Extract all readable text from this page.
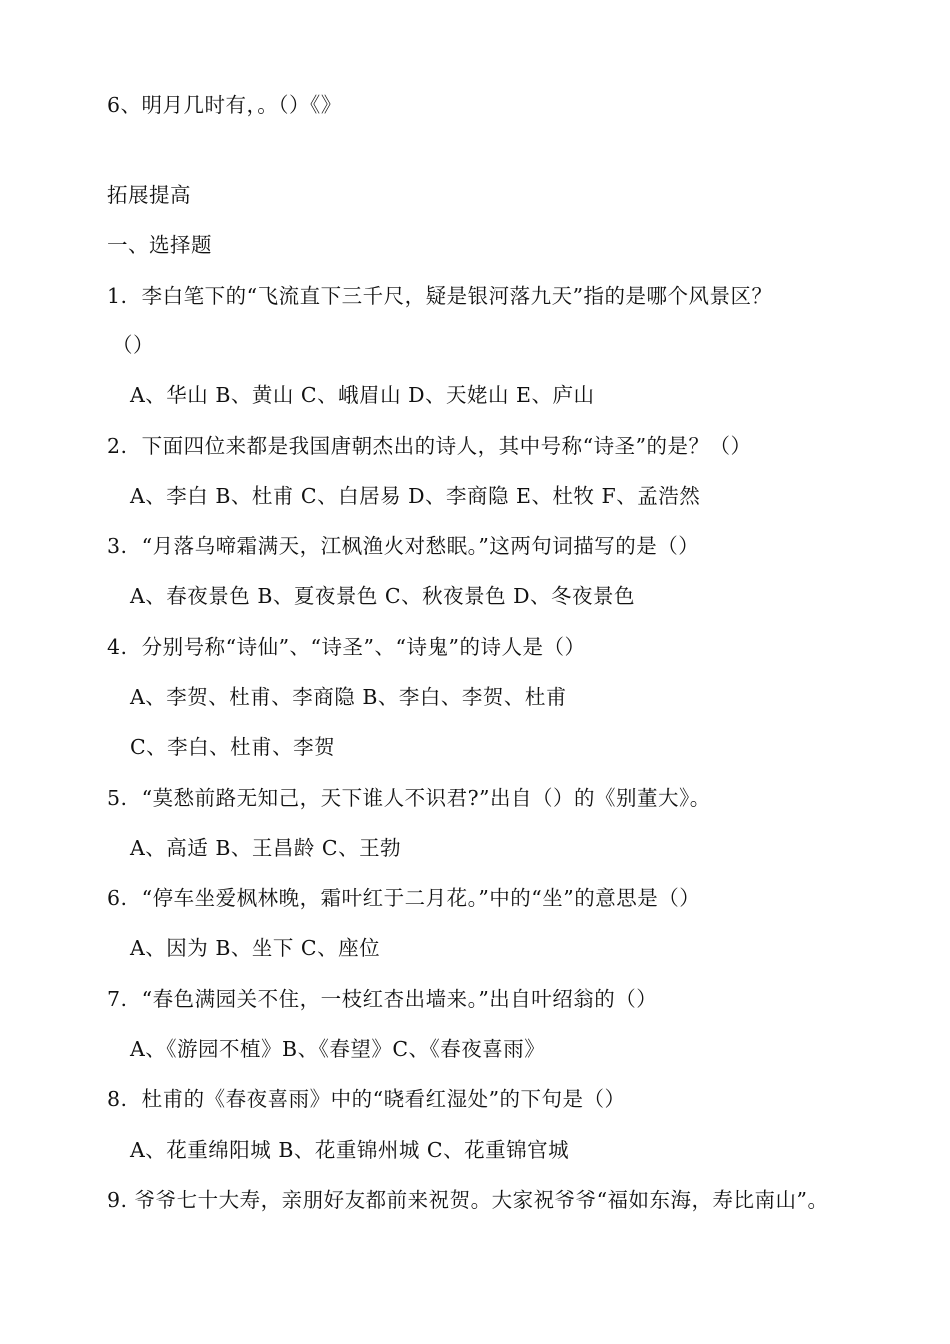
6、明月几时有，。（）《》
拓展提高
一、选择题
1.  李白笔下的“飞流直下三千尺，疑是银河落九天”指的是哪个风景区？
（）
A、华山 B、黄山 C、峨眉山 D、天姥山 E、庐山
2.  下面四位来都是我国唐朝杰出的诗人，其中号称“诗圣”的是？（）
A、李白 B、杜甫 C、白居易 D、李商隐 E、杜牧 F、孟浩然
3.  “月落乌啼霜满天，江枫渔火对愁眠。”这两句词描写的是（）
A、春夜景色 B、夏夜景色 C、秋夜景色 D、冬夜景色
4.  分别号称“诗仙”、“诗圣”、“诗鬼”的诗人是（）
A、李贺、杜甫、李商隐 B、李白、李贺、杜甫
C、李白、杜甫、李贺
5.  “莫愁前路无知己，天下谁人不识君?”出自（）的《别董大》。
A、高适 B、王昌龄 C、王勃
6.  “停车坐爱枫林晚，霜叶红于二月花。”中的“坐”的意思是（）
A、因为 B、坐下 C、座位
7.  “春色满园关不住，一枝红杏出墙来。”出自叶绍翁的（）
A、《游园不植》B、《春望》C、《春夜喜雨》
8.  杜甫的《春夜喜雨》中的“晓看红湿处”的下句是（）
A、花重绵阳城 B、花重锦州城 C、花重锦官城
9. 爷爷七十大寿，亲朋好友都前来祝贺。大家祝爷爷“福如东海，寿比南山”。
